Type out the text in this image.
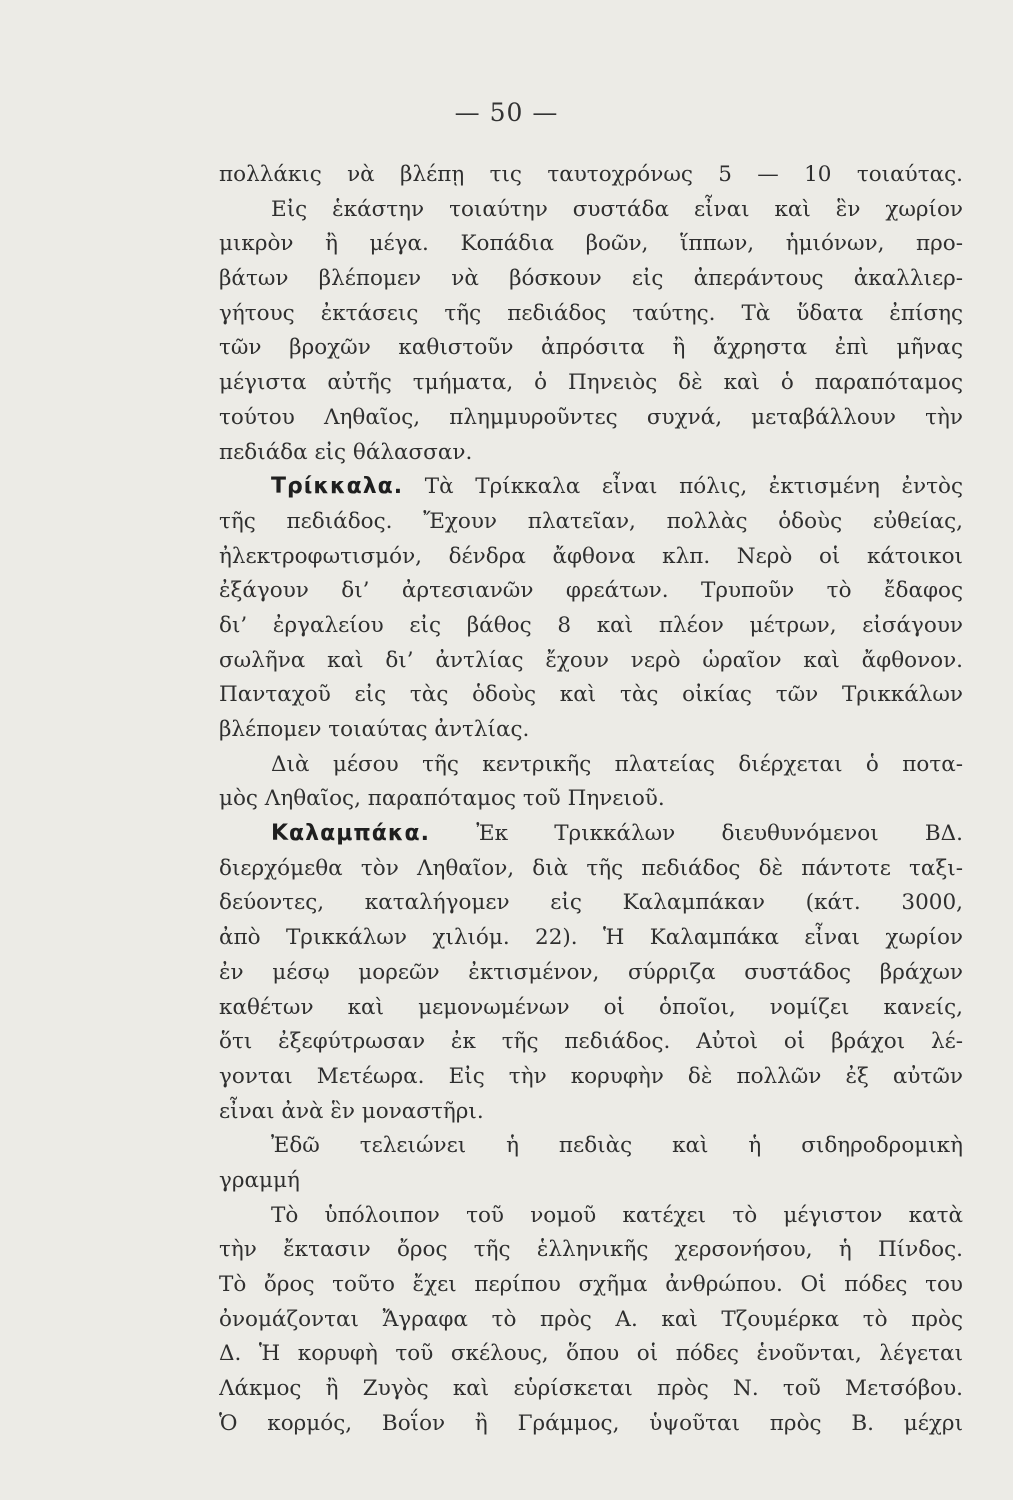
— 50 —
πολλάκις νὰ βλέπῃ τις ταυτοχρόνως 5 — 10 τοιαύτας.
Εἰς ἑκάστην τοιαύτην συστάδα εἶναι καὶ ἓν χωρίον
μικρὸν ἢ μέγα. Κοπάδια βοῶν, ἵππων, ἡμιόνων, προ-
βάτων βλέπομεν νὰ βόσκουν εἰς ἀπεράντους ἀκαλλιερ-
γήτους ἐκτάσεις τῆς πεδιάδος ταύτης. Τὰ ὕδατα ἐπίσης
τῶν βροχῶν καθιστοῦν ἀπρόσιτα ἢ ἄχρηστα ἐπὶ μῆνας
μέγιστα αὐτῆς τμήματα, ὁ Πηνειὸς δὲ καὶ ὁ παραπόταμος
τούτου Ληθαῖος, πλημμυροῦντες συχνά, μεταβάλλουν τὴν
πεδιάδα εἰς θάλασσαν.
Τρίκκαλα. Τὰ Τρίκκαλα εἶναι πόλις, ἐκτισμένη ἐντὸς
τῆς πεδιάδος. Ἔχουν πλατεῖαν, πολλὰς ὁδοὺς εὐθείας,
ἠλεκτροφωτισμόν, δένδρα ἄφθονα κλπ. Νερὸ οἱ κάτοικοι
ἐξάγουν δι’ ἀρτεσιανῶν φρεάτων. Τρυποῦν τὸ ἔδαφος
δι’ ἐργαλείου εἰς βάθος 8 καὶ πλέον μέτρων, εἰσάγουν
σωλῆνα καὶ δι’ ἀντλίας ἔχουν νερὸ ὡραῖον καὶ ἄφθονον.
Πανταχοῦ εἰς τὰς ὁδοὺς καὶ τὰς οἰκίας τῶν Τρικκάλων
βλέπομεν τοιαύτας ἀντλίας.
Διὰ μέσου τῆς κεντρικῆς πλατείας διέρχεται ὁ ποτα-
μὸς Ληθαῖος, παραπόταμος τοῦ Πηνειοῦ.
Καλαμπάκα. Ἐκ Τρικκάλων διευθυνόμενοι ΒΔ.
διερχόμεθα τὸν Ληθαῖον, διὰ τῆς πεδιάδος δὲ πάντοτε ταξι-
δεύοντες, καταλήγομεν εἰς Καλαμπάκαν (κάτ. 3000,
ἀπὸ Τρικκάλων χιλιόμ. 22). Ἡ Καλαμπάκα εἶναι χωρίον
ἐν μέσῳ μορεῶν ἐκτισμένον, σύρριζα συστάδος βράχων
καθέτων καὶ μεμονωμένων οἱ ὁποῖοι, νομίζει κανείς,
ὅτι ἐξεφύτρωσαν ἐκ τῆς πεδιάδος. Αὐτοὶ οἱ βράχοι λέ-
γονται Μετέωρα. Εἰς τὴν κορυφὴν δὲ πολλῶν ἐξ αὐτῶν
εἶναι ἀνὰ ἓν μοναστῆρι.
Ἐδῶ τελειώνει ἡ πεδιὰς καὶ ἡ σιδηροδρομικὴ
γραμμή
Τὸ ὑπόλοιπον τοῦ νομοῦ κατέχει τὸ μέγιστον κατὰ
τὴν ἔκτασιν ὄρος τῆς ἑλληνικῆς χερσονήσου, ἡ Πίνδος.
Τὸ ὄρος τοῦτο ἔχει περίπου σχῆμα ἀνθρώπου. Οἱ πόδες του
ὀνομάζονται Ἄγραφα τὸ πρὸς Α. καὶ Τζουμέρκα τὸ πρὸς
Δ. Ἡ κορυφὴ τοῦ σκέλους, ὅπου οἱ πόδες ἑνοῦνται, λέγεται
Λάκμος ἢ Ζυγὸς καὶ εὑρίσκεται πρὸς Ν. τοῦ Μετσόβου.
Ὁ κορμός, Βοΐον ἢ Γράμμος, ὑψοῦται πρὸς Β. μέχρι
